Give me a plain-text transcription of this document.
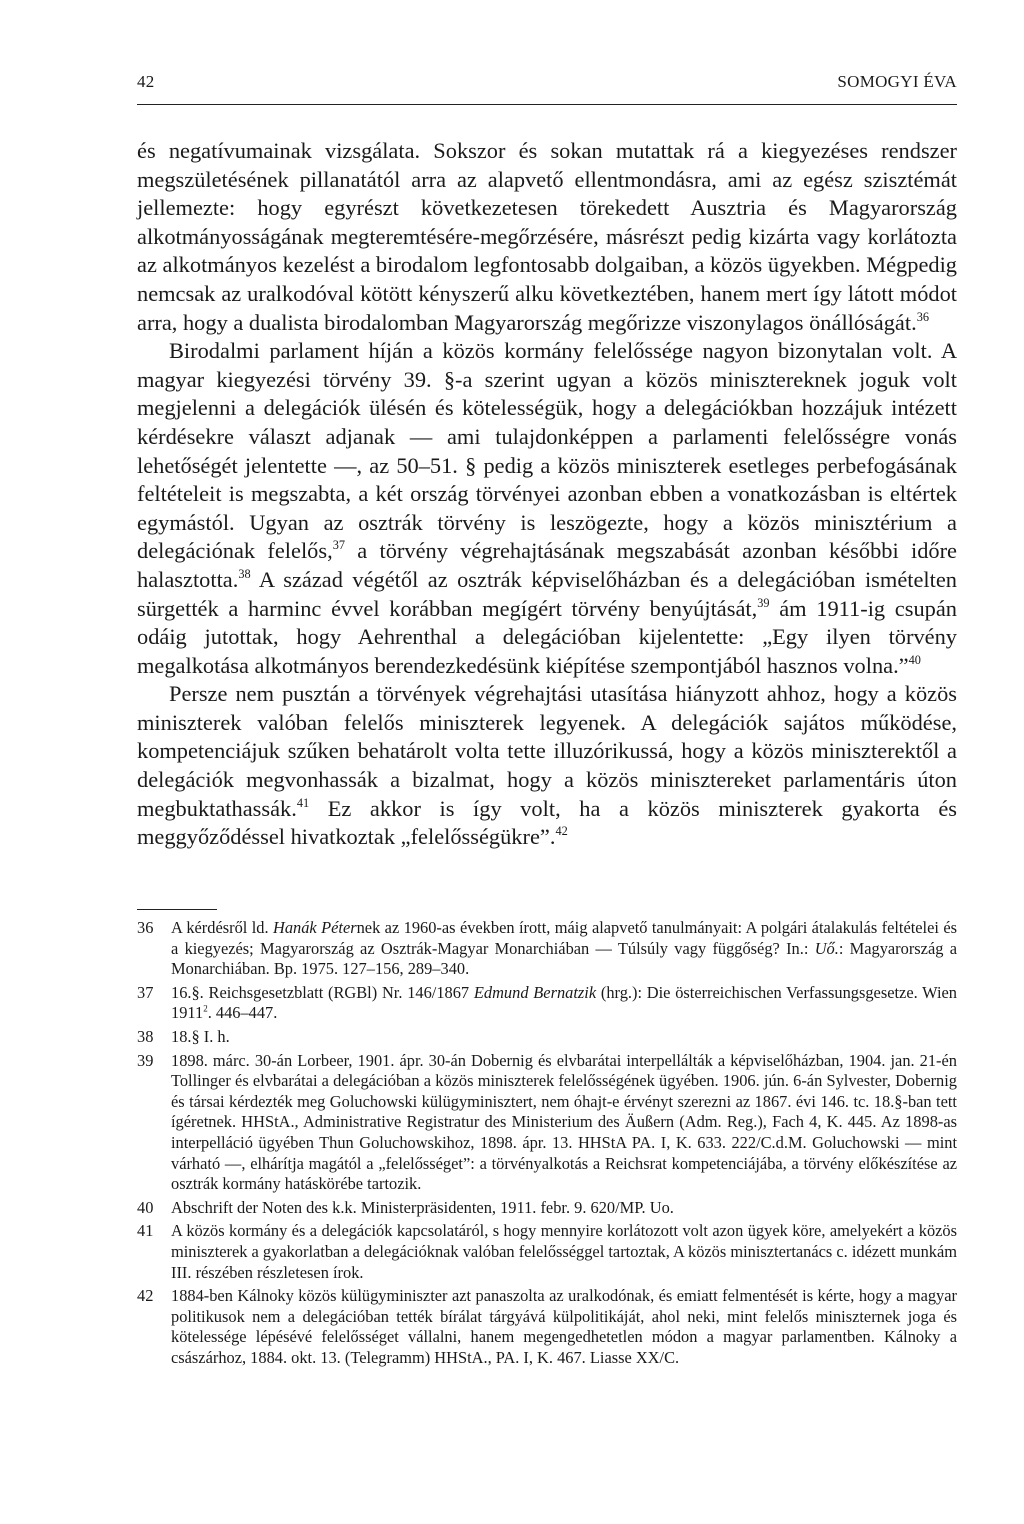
42	SOMOGYI ÉVA

és negatívumainak vizsgálata. Sokszor és sokan mutattak rá a kiegyezéses rendszer megszületésének pillanatától arra az alapvető ellentmondásra, ami az egész szisztémát jellemezte: hogy egyrészt következetesen törekedett Ausztria és Magyarország alkotmányosságának megteremtésére-megőrzésére, másrészt pedig kizárta vagy korlátozta az alkotmányos kezelést a birodalom legfontosabb dolgaiban, a közös ügyekben. Mégpedig nemcsak az uralkodóval kötött kényszerű alku következtében, hanem mert így látott módot arra, hogy a dualista birodalomban Magyarország megőrizze viszonylagos önállóságát.$^{36}$

Birodalmi parlament híján a közös kormány felelőssége nagyon bizonytalan volt. A magyar kiegyezési törvény 39. §-a szerint ugyan a közös minisztereknek joguk volt megjelenni a delegációk ülésén és kötelességük, hogy a delegációkban hozzájuk intézett kérdésekre választ adjanak — ami tulajdonképpen a parlamenti felelősségre vonás lehetőségét jelentette —, az 50–51. § pedig a közös miniszterek esetleges perbefogásának feltételeit is megszabta, a két ország törvényei azonban ebben a vonatkozásban is eltértek egymástól. Ugyan az osztrák törvény is leszögezte, hogy a közös minisztérium a delegációnak felelős,$^{37}$ a törvény végrehajtásának megszabását azonban későbbi időre halasztotta.$^{38}$ A század végétől az osztrák képviselőházban és a delegációban ismételten sürgették a harminc évvel korábban megígért törvény benyújtását,$^{39}$ ám 1911-ig csupán odáig jutottak, hogy Aehrenthal a delegációban kijelentette: „Egy ilyen törvény megalkotása alkotmányos berendezkedésünk kiépítése szempontjából hasznos volna.”$^{40}$

Persze nem pusztán a törvények végrehajtási utasítása hiányzott ahhoz, hogy a közös miniszterek valóban felelős miniszterek legyenek. A delegációk sajátos működése, kompetenciájuk szűken behatárolt volta tette illuzórikussá, hogy a közös miniszterektől a delegációk megvonhassák a bizalmat, hogy a közös minisztereket parlamentáris úton megbuktathassák.$^{41}$ Ez akkor is így volt, ha a közös miniszterek gyakorta és meggyőződéssel hivatkoztak „felelősségükre”.$^{42}$

36	A kérdésről ld. Hanák Péternek az 1960-as években írott, máig alapvető tanulmányait: A polgári átalakulás feltételei és a kiegyezés; Magyarország az Osztrák-Magyar Monarchiában — Túlsúly vagy függőség? In.: Uő.: Magyarország a Monarchiában. Bp. 1975. 127–156, 289–340.
37	16.§. Reichsgesetzblatt (RGBl) Nr. 146/1867 Edmund Bernatzik (hrg.): Die österreichischen Verfassungsgesetze. Wien 1911$^2$. 446–447.
38	18.§ I. h.
39	1898. márc. 30-án Lorbeer, 1901. ápr. 30-án Dobernig és elvbarátai interpellálták a képviselőházban, 1904. jan. 21-én Tollinger és elvbarátai a delegációban a közös miniszterek felelősségének ügyében. 1906. jún. 6-án Sylvester, Dobernig és társai kérdezték meg Goluchowski külügyminisztert, nem óhajt-e érvényt szerezni az 1867. évi 146. tc. 18.§-ban tett ígéretnek. HHStA., Administrative Registratur des Ministerium des Äußern (Adm. Reg.), Fach 4, K. 445. Az 1898-as interpelláció ügyében Thun Goluchowskihoz, 1898. ápr. 13. HHStA PA. I, K. 633. 222/C.d.M. Goluchowski — mint várható —, elhárítja magától a „felelősséget”: a törvényalkotás a Reichsrat kompetenciájába, a törvény előkészítése az osztrák kormány hatáskörébe tartozik.
40	Abschrift der Noten des k.k. Ministerpräsidenten, 1911. febr. 9. 620/MP. Uo.
41	A közös kormány és a delegációk kapcsolatáról, s hogy mennyire korlátozott volt azon ügyek köre, amelyekért a közös miniszterek a gyakorlatban a delegációknak valóban felelősséggel tartoztak, A közös minisztertanács c. idézett munkám III. részében részletesen írok.
42	1884-ben Kálnoky közös külügyminiszter azt panaszolta az uralkodónak, és emiatt felmentését is kérte, hogy a magyar politikusok nem a delegációban tették bírálat tárgyává külpolitikáját, ahol neki, mint felelős miniszternek joga és kötelessége lépésévé felelősséget vállalni, hanem megengedhetetlen módon a magyar parlamentben. Kálnoky a császárhoz, 1884. okt. 13. (Telegramm) HHStA., PA. I, K. 467. Liasse XX/C.
